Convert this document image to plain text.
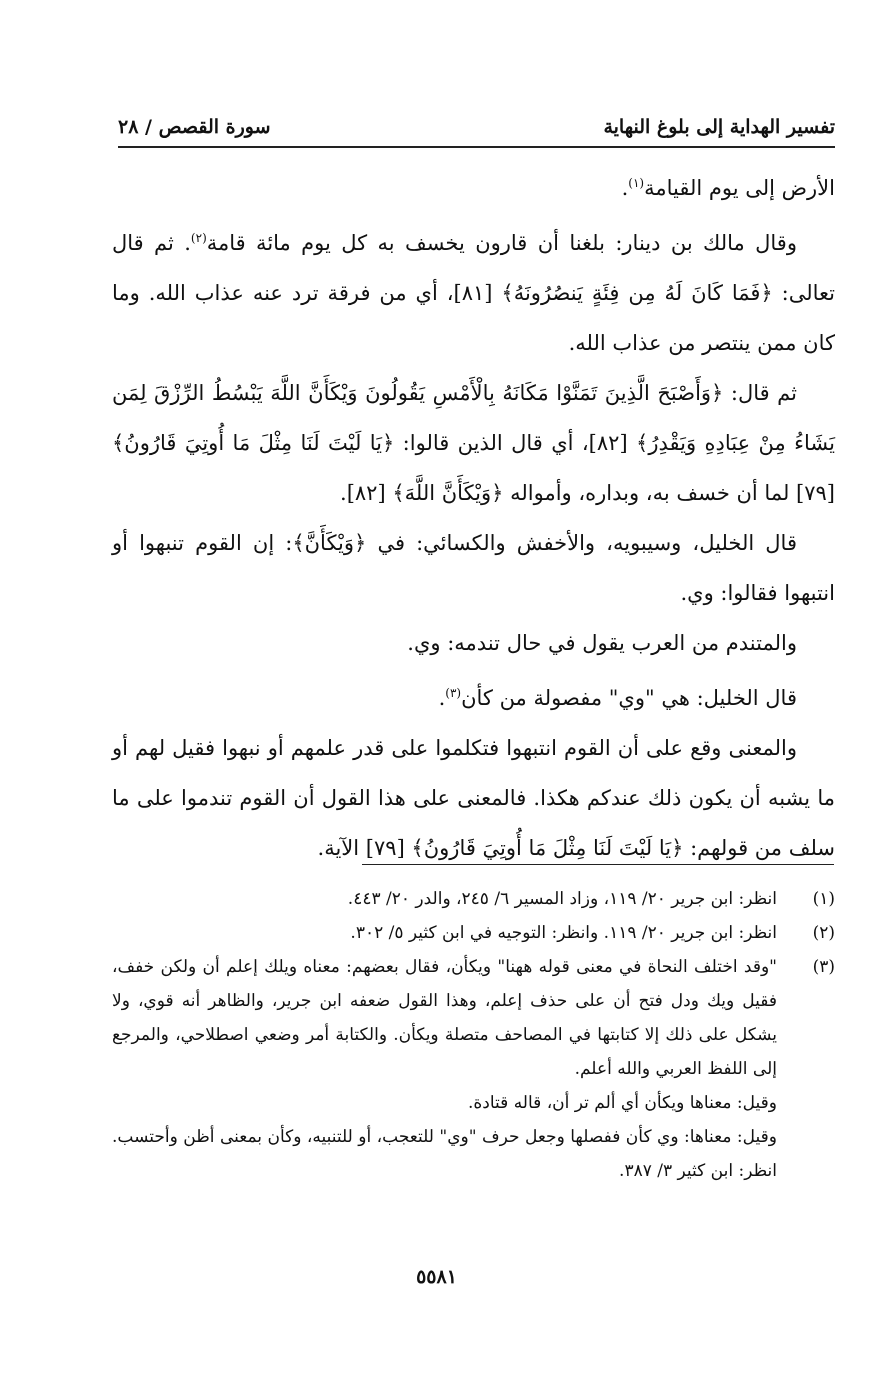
تفسير الهداية إلى بلوغ النهاية
سورة القصص / ٢٨

الأرض إلى يوم القيامة$^{(١)}$.

وقال مالك بن دينار: بلغنا أن قارون يخسف به كل يوم مائة قامة$^{(٢)}$. ثم قال تعالى: ﴿فَمَا كَانَ لَهُ مِن فِئَةٍ يَنصُرُونَهُ﴾ [٨١]، أي من فرقة ترد عنه عذاب الله. وما كان ممن ينتصر من عذاب الله.

ثم قال: ﴿وَأَصْبَحَ الَّذِينَ تَمَنَّوْا مَكَانَهُ بِالْأَمْسِ يَقُولُونَ وَيْكَأَنَّ اللَّهَ يَبْسُطُ الرِّزْقَ لِمَن يَشَاءُ مِنْ عِبَادِهِ وَيَقْدِرُ﴾ [٨٢]، أي قال الذين قالوا: ﴿يَا لَيْتَ لَنَا مِثْلَ مَا أُوتِيَ قَارُونُ﴾ [٧٩] لما أن خسف به، وبداره، وأمواله ﴿وَيْكَأَنَّ اللَّهَ﴾ [٨٢].

قال الخليل، وسيبويه، والأخفش والكسائي: في ﴿وَيْكَأَنَّ﴾: إن القوم تنبهوا أو انتبهوا فقالوا: وي.

والمتندم من العرب يقول في حال تندمه: وي.

قال الخليل: هي "وي" مفصولة من كأن$^{(٣)}$.

والمعنى وقع على أن القوم انتبهوا فتكلموا على قدر علمهم أو نبهوا فقيل لهم أو ما يشبه أن يكون ذلك عندكم هكذا. فالمعنى على هذا القول أن القوم تندموا على ما سلف من قولهم: ﴿يَا لَيْتَ لَنَا مِثْلَ مَا أُوتِيَ قَارُونُ﴾ [٧٩] الآية.

(١)
انظر: ابن جرير ٢٠/ ١١٩، وزاد المسير ٦/ ٢٤٥، والدر ٢٠/ ٤٤٣.
(٢)
انظر: ابن جرير ٢٠/ ١١٩. وانظر: التوجيه في ابن كثير ٥/ ٣٠٢.
(٣)
"وقد اختلف النحاة في معنى قوله ههنا" ويكأن، فقال بعضهم: معناه ويلك إعلم أن ولكن خفف، فقيل ويك ودل فتح أن على حذف إعلم، وهذا القول ضعفه ابن جرير، والظاهر أنه قوي، ولا يشكل على ذلك إلا كتابتها في المصاحف متصلة ويكأن. والكتابة أمر وضعي اصطلاحي، والمرجع إلى اللفظ العربي والله أعلم.
وقيل: معناها ويكأن أي ألم تر أن، قاله قتادة.
وقيل: معناها: وي كأن ففصلها وجعل حرف "وي" للتعجب، أو للتنبيه، وكأن بمعنى أظن وأحتسب. انظر: ابن كثير ٣/ ٣٨٧.
٥٥٨١
